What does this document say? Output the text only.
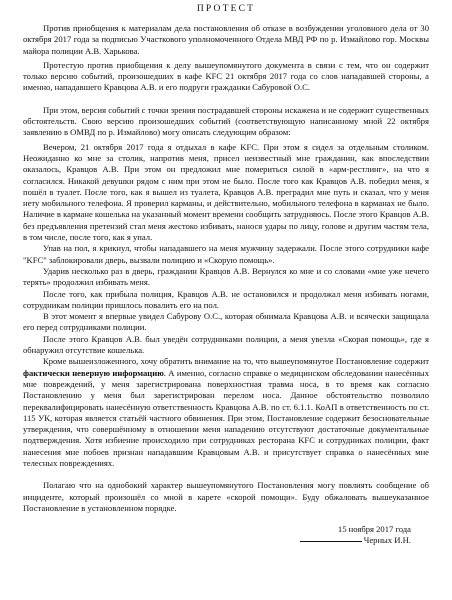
ПРОТЕСТ

Против приобщения к материалам дела постановления об отказе в возбуждении уголовного дела от 30 октября 2017 года за подписью Участкового уполномоченного Отдела МВД РФ по р. Измайлово гор. Москвы майора полиции А.В. Харькова.

Протестую против приобщения к делу вышеупомянутого документа в связи с тем, что он содержит только версию событий, произошедших в кафе KFC 21 октября 2017 года со слов нападавшей стороны, а именно, нападавшего Кравцова А.В. и его подруги гражданки Сабуровой О.С.

При этом, версия событий с точки зрения пострадавшей стороны искажена и не содержит существенных обстоятельств. Свою версию произошедших событий (соответствующую написанному мной 22 октября заявлению в ОМВД по р. Измайлово) могу описать следующим образом:

Вечером, 21 октября 2017 года я отдыхал в кафе KFC. При этом я сидел за отдельным столиком. Неожиданно ко мне за столик, напротив меня, присел неизвестный мне гражданин, как впоследствии оказалось, Кравцов А.В. При этом он предложил мне помериться силой в «арм-рестлинг», на что я согласился. Никакой девушки рядом с ним при этом не было. После того как Кравцов А.В. победил меня, я пошёл в туалет. После того, как я вышел из туалета, Кравцов А.В. преградил мне путь и сказал, что у меня нету мобильного телефона. Я проверил карманы, и действительно, мобильного телефона в карманах не было. Наличие в кармане кошелька на указанный момент времени сообщить затрудняюсь. После этого Кравцов А.В. без предъявления претензий стал меня жестоко избивать, нанося удары по лицу, голове и другим частям тела, в том числе, после того, как я упал.

Упав на пол, я крикнул, чтобы нападавшего на меня мужчину задержали. После этого сотрудники кафе "KFC" заблокировали дверь, вызвали полицию и «Скорую помощь».

Ударив несколько раз в дверь, гражданин Кравцов А.В. Вернулся ко мне и со словами «мне уже нечего терять» продолжил избивать меня.

После того, как прибыла полиция, Кравцов А.В. не остановился и продолжал меня избивать ногами, сотрудникам полиции пришлось повалить его на пол.

В этот момент я впервые увидел Сабурову О.С., которая обнимала Кравцова А.В. и всячески защищала его перед сотрудниками полиции.

После этого Кравцов А.В. был уведён сотрудниками полиции, а меня увезла «Скорая помощь», где я обнаружил отсутствие кошелька.

Кроме вышеизложенного, хочу обратить внимание на то, что вышеупомянутое Постановление содержит фактически неверную информацию. А именно, согласно справке о медицинском обследовании нанесённых мне повреждений, у меня зарегистрирована поверхностная травма носа, в то время как согласно Постановлению у меня был зарегистрирован перелом носа. Данное обстоятельство позволило переквалифицировать нанесённую ответственность Кравцова А.В. по ст. 6.1.1. КоАП в ответственность по ст. 115 УК, которая является статьёй частного обвинения. При этом, Постановление содержит безосновательные утверждения, что совершённому в отношении меня нападению отсутствуют достаточные документальные подтверждения. Хотя избиение происходило при сотрудниках ресторана KFC и сотрудниках полиции, факт нанесения мне побоев признан нападавшим Кравцовым А.В. и присутствует справка о нанесённых мне телесных повреждениях.

Полагаю что на однобокий характер вышеупомянутого Постановления могу повлиять сообщение об инциденте, который произошёл со мной в карете «скорой помощи». Буду обжаловать вышеуказанное Постановление в установленном порядке.

15 ноября 2017 года
Черных И.Н.
